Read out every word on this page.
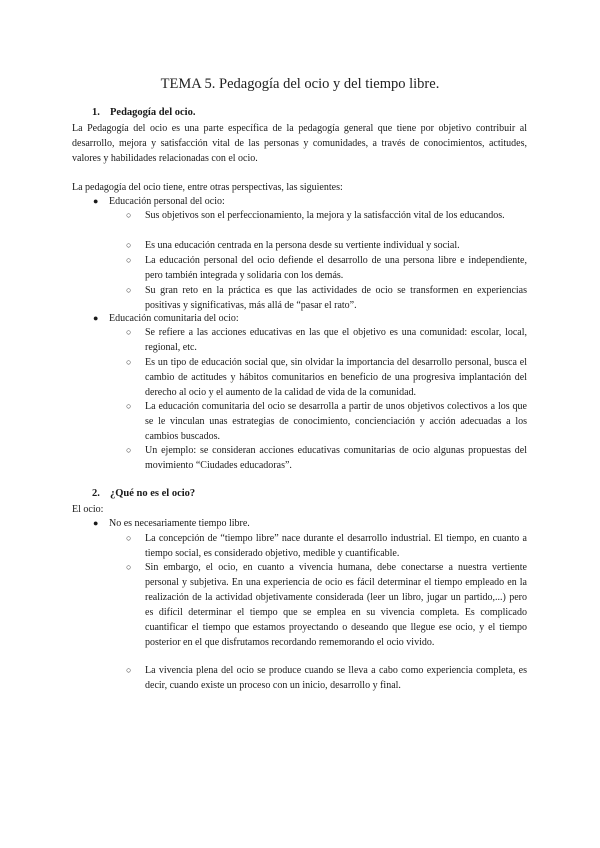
TEMA 5. Pedagogía del ocio y del tiempo libre.
1. Pedagogía del ocio.
La Pedagogía del ocio es una parte específica de la pedagogía general que tiene por objetivo contribuir al desarrollo, mejora y satisfacción vital de las personas y comunidades, a través de conocimientos, actitudes, valores y habilidades relacionadas con el ocio.
La pedagogía del ocio tiene, entre otras perspectivas, las siguientes:
● Educación personal del ocio:
○ Sus objetivos son el perfeccionamiento, la mejora y la satisfacción vital de los educandos.
○ Es una educación centrada en la persona desde su vertiente individual y social.
○ La educación personal del ocio defiende el desarrollo de una persona libre e independiente, pero también integrada y solidaria con los demás.
○ Su gran reto en la práctica es que las actividades de ocio se transformen en experiencias positivas y significativas, más allá de “pasar el rato”.
● Educación comunitaria del ocio:
○ Se refiere a las acciones educativas en las que el objetivo es una comunidad: escolar, local, regional, etc.
○ Es un tipo de educación social que, sin olvidar la importancia del desarrollo personal, busca el cambio de actitudes y hábitos comunitarios en beneficio de una progresiva implantación del derecho al ocio y el aumento de la calidad de vida de la comunidad.
○ La educación comunitaria del ocio se desarrolla a partir de unos objetivos colectivos a los que se le vinculan unas estrategias de conocimiento, concienciación y acción adecuadas a los cambios buscados.
○ Un ejemplo: se consideran acciones educativas comunitarias de ocio algunas propuestas del movimiento “Ciudades educadoras”.
2. ¿Qué no es el ocio?
El ocio:
● No es necesariamente tiempo libre.
○ La concepción de “tiempo libre” nace durante el desarrollo industrial. El tiempo, en cuanto a tiempo social, es considerado objetivo, medible y cuantificable.
○ Sin embargo, el ocio, en cuanto a vivencia humana, debe conectarse a nuestra vertiente personal y subjetiva. En una experiencia de ocio es fácil determinar el tiempo empleado en la realización de la actividad objetivamente considerada (leer un libro, jugar un partido,...) pero es difícil determinar el tiempo que se emplea en su vivencia completa. Es complicado cuantificar el tiempo que estamos proyectando o deseando que llegue ese ocio, y el tiempo posterior en el que disfrutamos recordando rememorando el ocio vivido.
○ La vivencia plena del ocio se produce cuando se lleva a cabo como experiencia completa, es decir, cuando existe un proceso con un inicio, desarrollo y final.
